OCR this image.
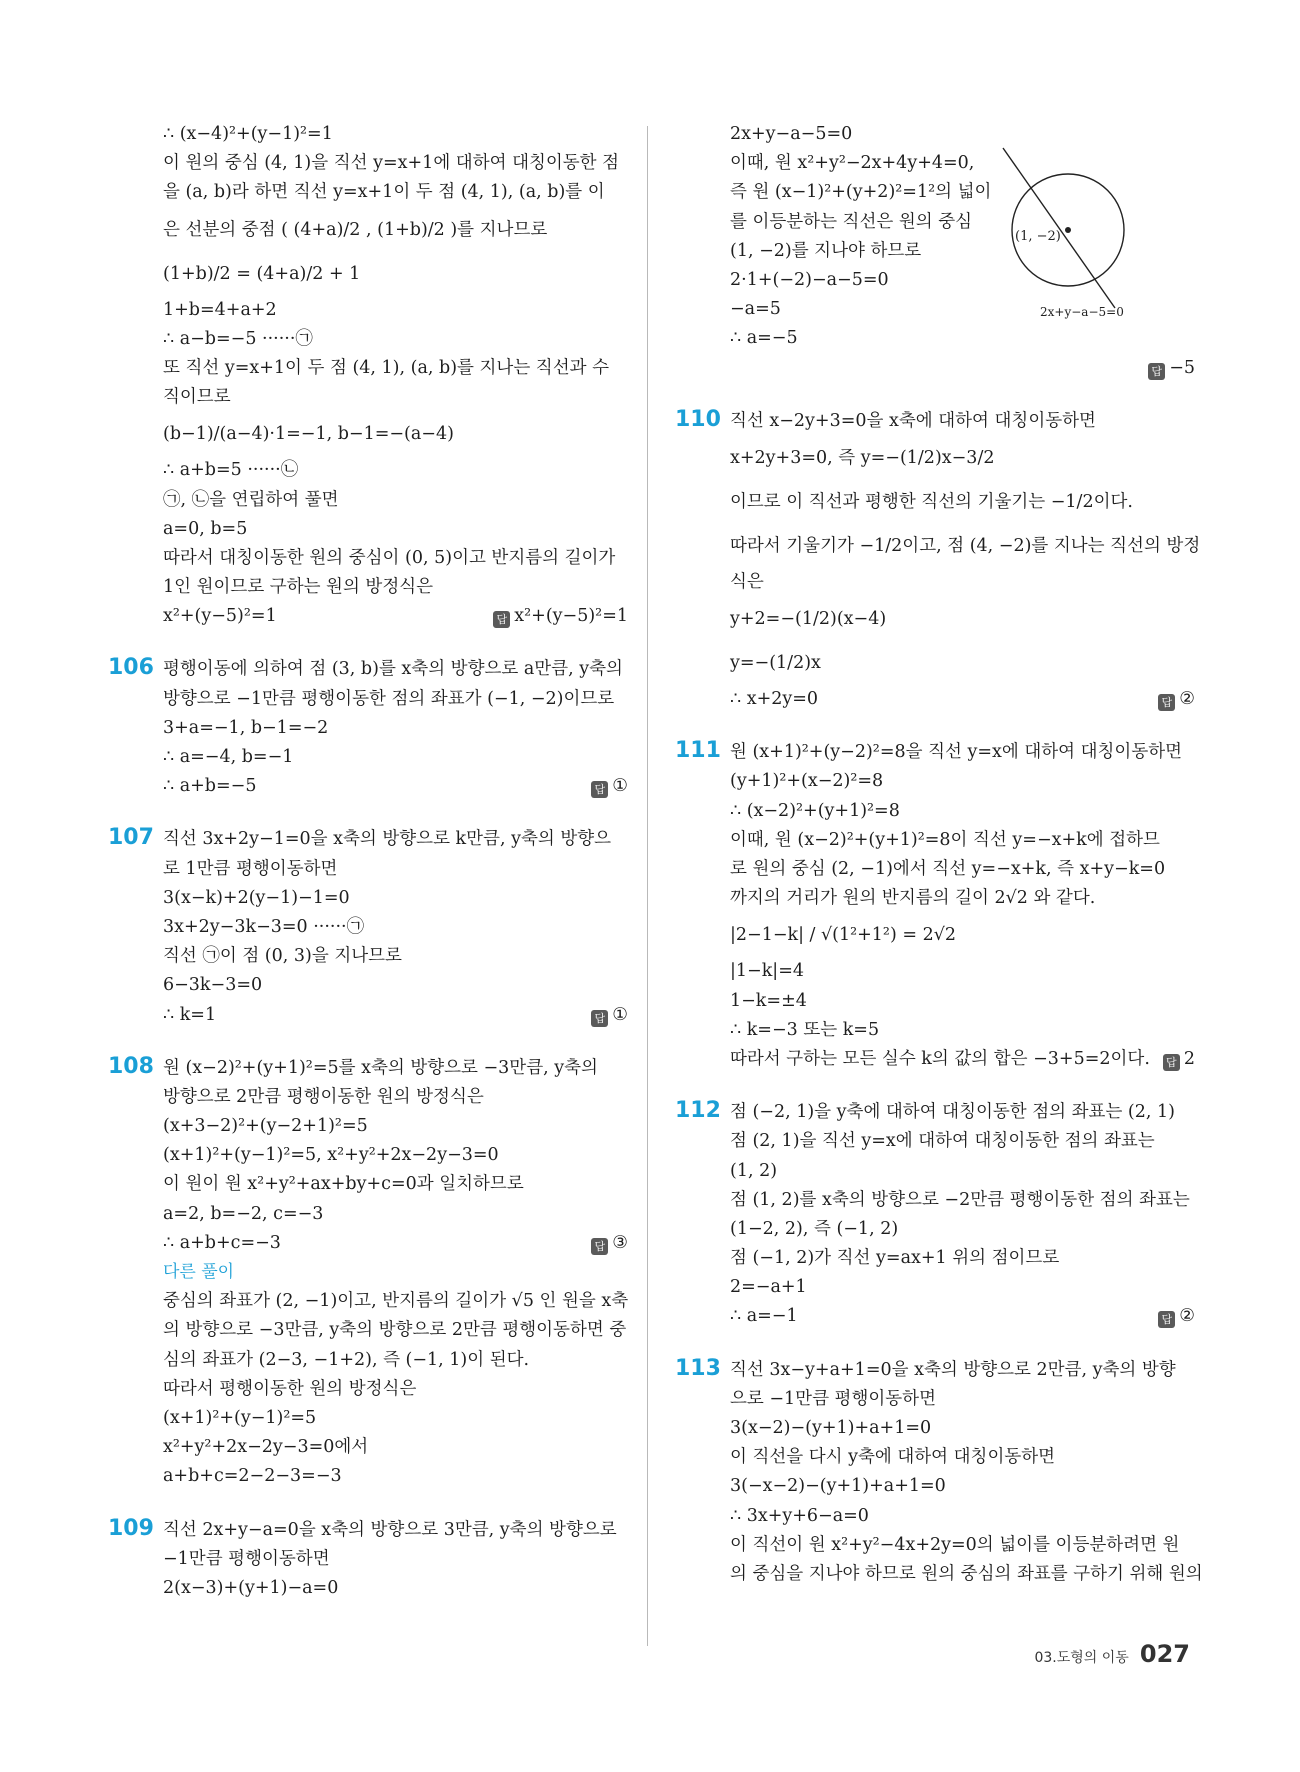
∴ (x−4)²+(y−1)²=1
이 원의 중심 (4, 1)을 직선 y=x+1에 대하여 대칭이동한 점
을 (a, b)라 하면 직선 y=x+1이 두 점 (4, 1), (a, b)를 이
은 선분의 중점 ( (4+a)/2 , (1+b)/2 )를 지나므로
(1+b)/2 = (4+a)/2 + 1
1+b=4+a+2
∴ a−b=−5 ······㉠
또 직선 y=x+1이 두 점 (4, 1), (a, b)를 지나는 직선과 수
직이므로
(b−1)/(a−4)·1=−1, b−1=−(a−4)
∴ a+b=5 ······㉡
㉠, ㉡을 연립하여 풀면
a=0, b=5
따라서 대칭이동한 원의 중심이 (0, 5)이고 반지름의 길이가
1인 원이므로 구하는 원의 방정식은
x²+(y−5)²=1	답 x²+(y−5)²=1
106 평행이동에 의하여 점 (3, b)를 x축의 방향으로 a만큼, y축의
방향으로 −1만큼 평행이동한 점의 좌표가 (−1, −2)이므로
3+a=−1, b−1=−2
∴ a=−4, b=−1
∴ a+b=−5	답 ①
107 직선 3x+2y−1=0을 x축의 방향으로 k만큼, y축의 방향으
로 1만큼 평행이동하면
3(x−k)+2(y−1)−1=0
3x+2y−3k−3=0 ······㉠
직선 ㉠이 점 (0, 3)을 지나므로
6−3k−3=0
∴ k=1	답 ①
108 원 (x−2)²+(y+1)²=5를 x축의 방향으로 −3만큼, y축의
방향으로 2만큼 평행이동한 원의 방정식은
(x+3−2)²+(y−2+1)²=5
(x+1)²+(y−1)²=5, x²+y²+2x−2y−3=0
이 원이 원 x²+y²+ax+by+c=0과 일치하므로
a=2, b=−2, c=−3
∴ a+b+c=−3	답 ③
다른 풀이
중심의 좌표가 (2, −1)이고, 반지름의 길이가 √5 인 원을 x축
의 방향으로 −3만큼, y축의 방향으로 2만큼 평행이동하면 중
심의 좌표가 (2−3, −1+2), 즉 (−1, 1)이 된다.
따라서 평행이동한 원의 방정식은
(x+1)²+(y−1)²=5
x²+y²+2x−2y−3=0에서
a+b+c=2−2−3=−3
109 직선 2x+y−a=0을 x축의 방향으로 3만큼, y축의 방향으로
−1만큼 평행이동하면
2(x−3)+(y+1)−a=0
2x+y−a−5=0
이때, 원 x²+y²−2x+4y+4=0,
즉 원 (x−1)²+(y+2)²=1²의 넓이
를 이등분하는 직선은 원의 중심
(1, −2)를 지나야 하므로
2·1+(−2)−a−5=0
−a=5
∴ a=−5
답 −5
(1, −2)
2x+y−a−5=0
110 직선 x−2y+3=0을 x축에 대하여 대칭이동하면
x+2y+3=0, 즉 y=−(1/2)x−3/2
이므로 이 직선과 평행한 직선의 기울기는 −1/2이다.
따라서 기울기가 −1/2이고, 점 (4, −2)를 지나는 직선의 방정
식은
y+2=−(1/2)(x−4)
y=−(1/2)x
∴ x+2y=0	답 ②
111 원 (x+1)²+(y−2)²=8을 직선 y=x에 대하여 대칭이동하면
(y+1)²+(x−2)²=8
∴ (x−2)²+(y+1)²=8
이때, 원 (x−2)²+(y+1)²=8이 직선 y=−x+k에 접하므
로 원의 중심 (2, −1)에서 직선 y=−x+k, 즉 x+y−k=0
까지의 거리가 원의 반지름의 길이 2√2 와 같다.
|2−1−k| / √(1²+1²) = 2√2
|1−k|=4
1−k=±4
∴ k=−3 또는 k=5
따라서 구하는 모든 실수 k의 값의 합은 −3+5=2이다. 답 2
112 점 (−2, 1)을 y축에 대하여 대칭이동한 점의 좌표는 (2, 1)
점 (2, 1)을 직선 y=x에 대하여 대칭이동한 점의 좌표는
(1, 2)
점 (1, 2)를 x축의 방향으로 −2만큼 평행이동한 점의 좌표는
(1−2, 2), 즉 (−1, 2)
점 (−1, 2)가 직선 y=ax+1 위의 점이므로
2=−a+1
∴ a=−1	답 ②
113 직선 3x−y+a+1=0을 x축의 방향으로 2만큼, y축의 방향
으로 −1만큼 평행이동하면
3(x−2)−(y+1)+a+1=0
이 직선을 다시 y축에 대하여 대칭이동하면
3(−x−2)−(y+1)+a+1=0
∴ 3x+y+6−a=0
이 직선이 원 x²+y²−4x+2y=0의 넓이를 이등분하려면 원
의 중심을 지나야 하므로 원의 중심의 좌표를 구하기 위해 원의
03.도형의 이동 027
